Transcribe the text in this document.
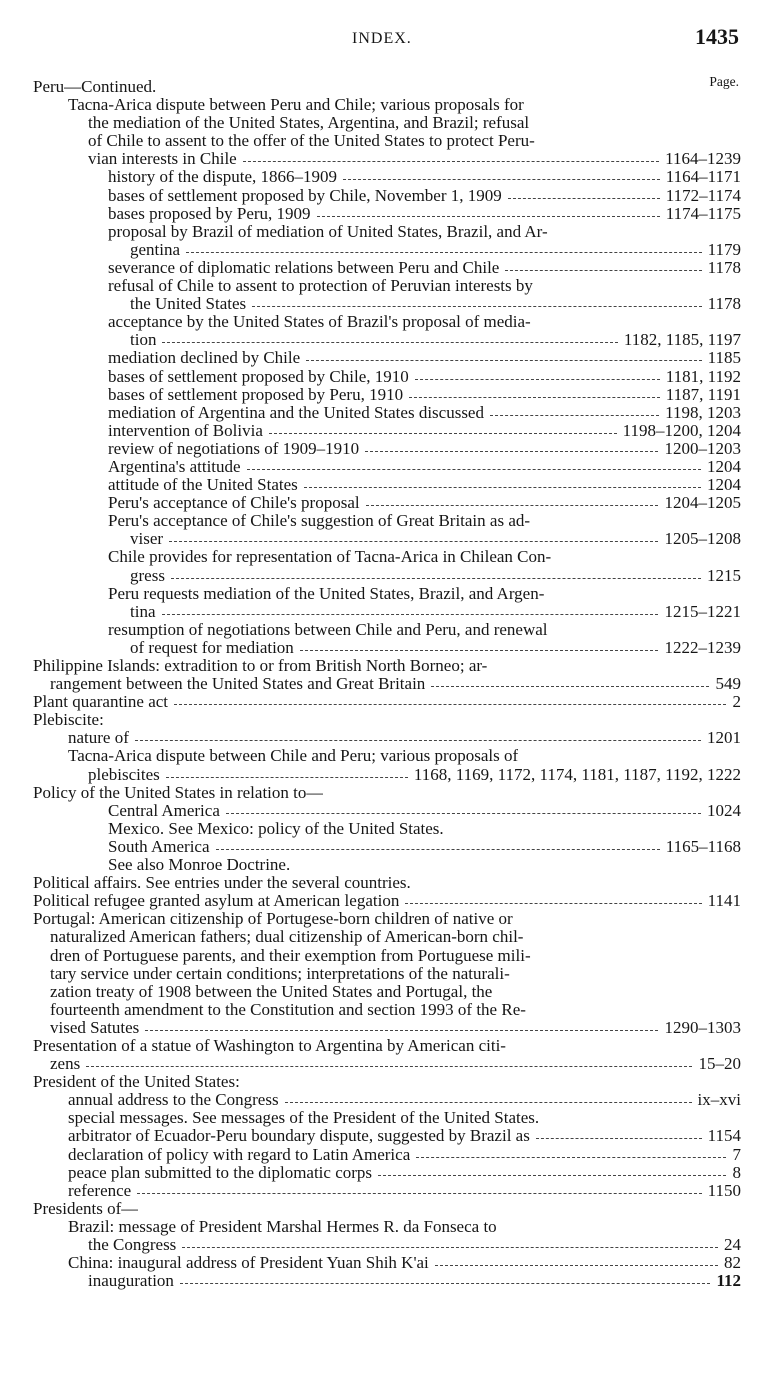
INDEX.	1435
Page.
Peru—Continued.
Tacna-Arica dispute between Peru and Chile; various proposals for
the mediation of the United States, Argentina, and Brazil; refusal
of Chile to assent to the offer of the United States to protect Peru-
vian interests in Chile	1164–1239
history of the dispute, 1866–1909	1164–1171
bases of settlement proposed by Chile, November 1, 1909	1172–1174
bases proposed by Peru, 1909	1174–1175
proposal by Brazil of mediation of United States, Brazil, and Ar-
gentina	1179
severance of diplomatic relations between Peru and Chile	1178
refusal of Chile to assent to protection of Peruvian interests by
the United States	1178
acceptance by the United States of Brazil's proposal of media-
tion	1182, 1185, 1197
mediation declined by Chile	1185
bases of settlement proposed by Chile, 1910	1181, 1192
bases of settlement proposed by Peru, 1910	1187, 1191
mediation of Argentina and the United States discussed	1198, 1203
intervention of Bolivia	1198–1200, 1204
review of negotiations of 1909–1910	1200–1203
Argentina's attitude	1204
attitude of the United States	1204
Peru's acceptance of Chile's proposal	1204–1205
Peru's acceptance of Chile's suggestion of Great Britain as ad-
viser	1205–1208
Chile provides for representation of Tacna-Arica in Chilean Con-
gress	1215
Peru requests mediation of the United States, Brazil, and Argen-
tina	1215–1221
resumption of negotiations between Chile and Peru, and renewal
of request for mediation	1222–1239
Philippine Islands: extradition to or from British North Borneo; ar-
rangement between the United States and Great Britain	549
Plant quarantine act	2
Plebiscite:
nature of	1201
Tacna-Arica dispute between Chile and Peru; various proposals of
plebiscites	1168, 1169, 1172, 1174, 1181, 1187, 1192, 1222
Policy of the United States in relation to—
Central America	1024
Mexico. See Mexico: policy of the United States.
South America	1165–1168
See also Monroe Doctrine.
Political affairs. See entries under the several countries.
Political refugee granted asylum at American legation	1141
Portugal: American citizenship of Portugese-born children of native or
naturalized American fathers; dual citizenship of American-born chil-
dren of Portuguese parents, and their exemption from Portuguese mili-
tary service under certain conditions; interpretations of the naturali-
zation treaty of 1908 between the United States and Portugal, the
fourteenth amendment to the Constitution and section 1993 of the Re-
vised Satutes	1290–1303
Presentation of a statue of Washington to Argentina by American citi-
zens	15–20
President of the United States:
annual address to the Congress	ix–xvi
special messages. See messages of the President of the United States.
arbitrator of Ecuador-Peru boundary dispute, suggested by Brazil as	1154
declaration of policy with regard to Latin America	7
peace plan submitted to the diplomatic corps	8
reference	1150
Presidents of—
Brazil: message of President Marshal Hermes R. da Fonseca to
the Congress	24
China: inaugural address of President Yuan Shih K'ai	82
inauguration	112
